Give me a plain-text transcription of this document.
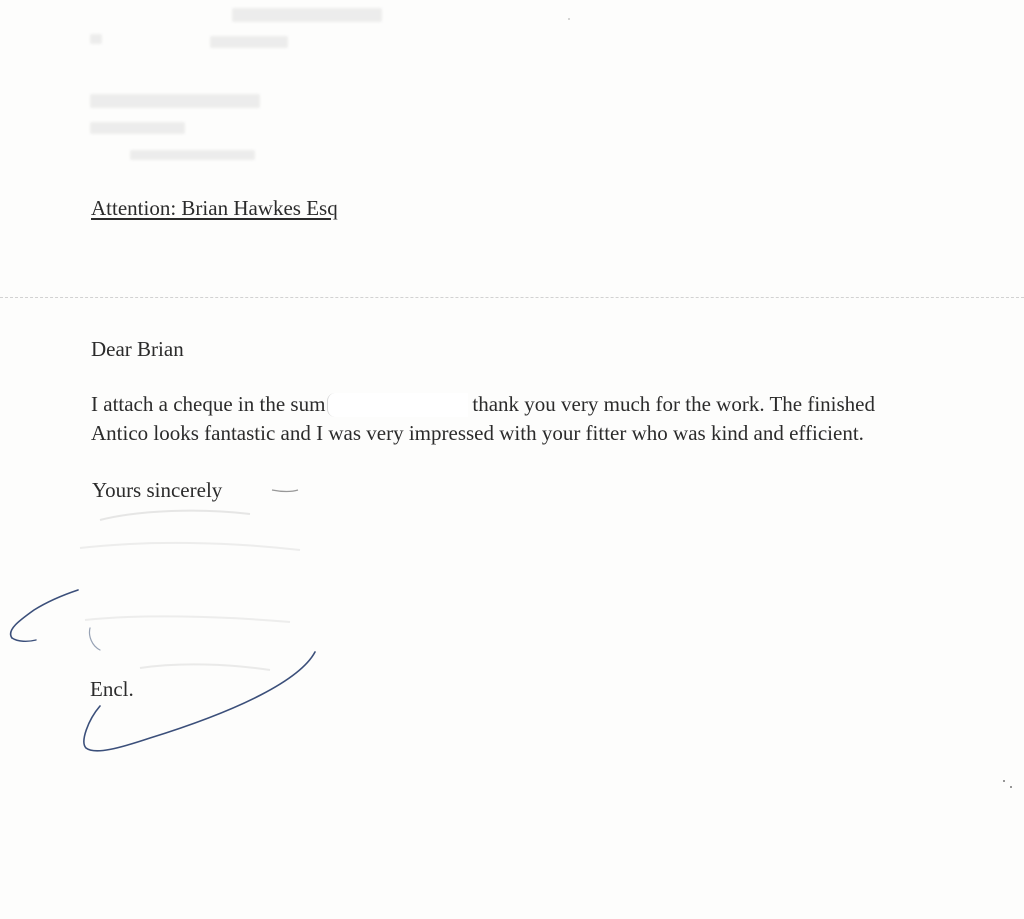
Attention: Brian Hawkes Esq
Dear Brian
I attach a cheque in the sum	thank you very much for the work. The finished
Antico looks fantastic and I was very impressed with your fitter who was kind and efficient.
Yours sincerely
Encl.
